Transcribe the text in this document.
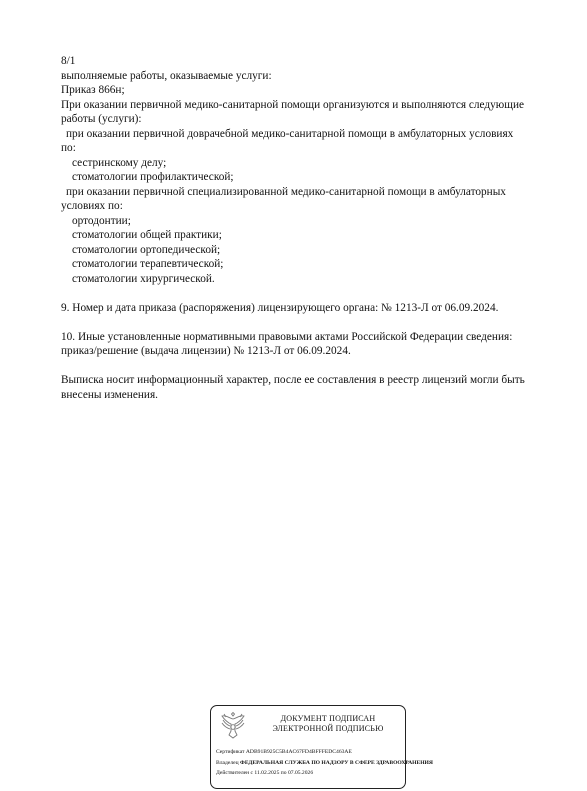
8/1
выполняемые работы, оказываемые услуги:
Приказ 866н;
При оказании первичной медико-санитарной помощи организуются и выполняются следующие
работы (услуги):
при оказании первичной доврачебной медико-санитарной помощи в амбулаторных условиях
по:
сестринскому делу;
стоматологии профилактической;
при оказании первичной специализированной медико-санитарной помощи в амбулаторных
условиях по:
ортодонтии;
стоматологии общей практики;
стоматологии ортопедической;
стоматологии терапевтической;
стоматологии хирургической.
9. Номер и дата приказа (распоряжения) лицензирующего органа: № 1213-Л от 06.09.2024.
10. Иные установленные нормативными правовыми актами Российской Федерации сведения:
приказ/решение (выдача лицензии) № 1213-Л от 06.09.2024.
Выписка носит информационный характер, после ее составления в реестр лицензий могли быть
внесены изменения.
ДОКУМЕНТ ПОДПИСАН
ЭЛЕКТРОННОЙ ПОДПИСЬЮ
Сертификат ADB91B925C5B4AC67FD4BFFFEDC463AE
Владелец ФЕДЕРАЛЬНАЯ СЛУЖБА ПО НАДЗОРУ В СФЕРЕ ЗДРАВООХРАНЕНИЯ
Действителен с 11.02.2025 по 07.05.2026
